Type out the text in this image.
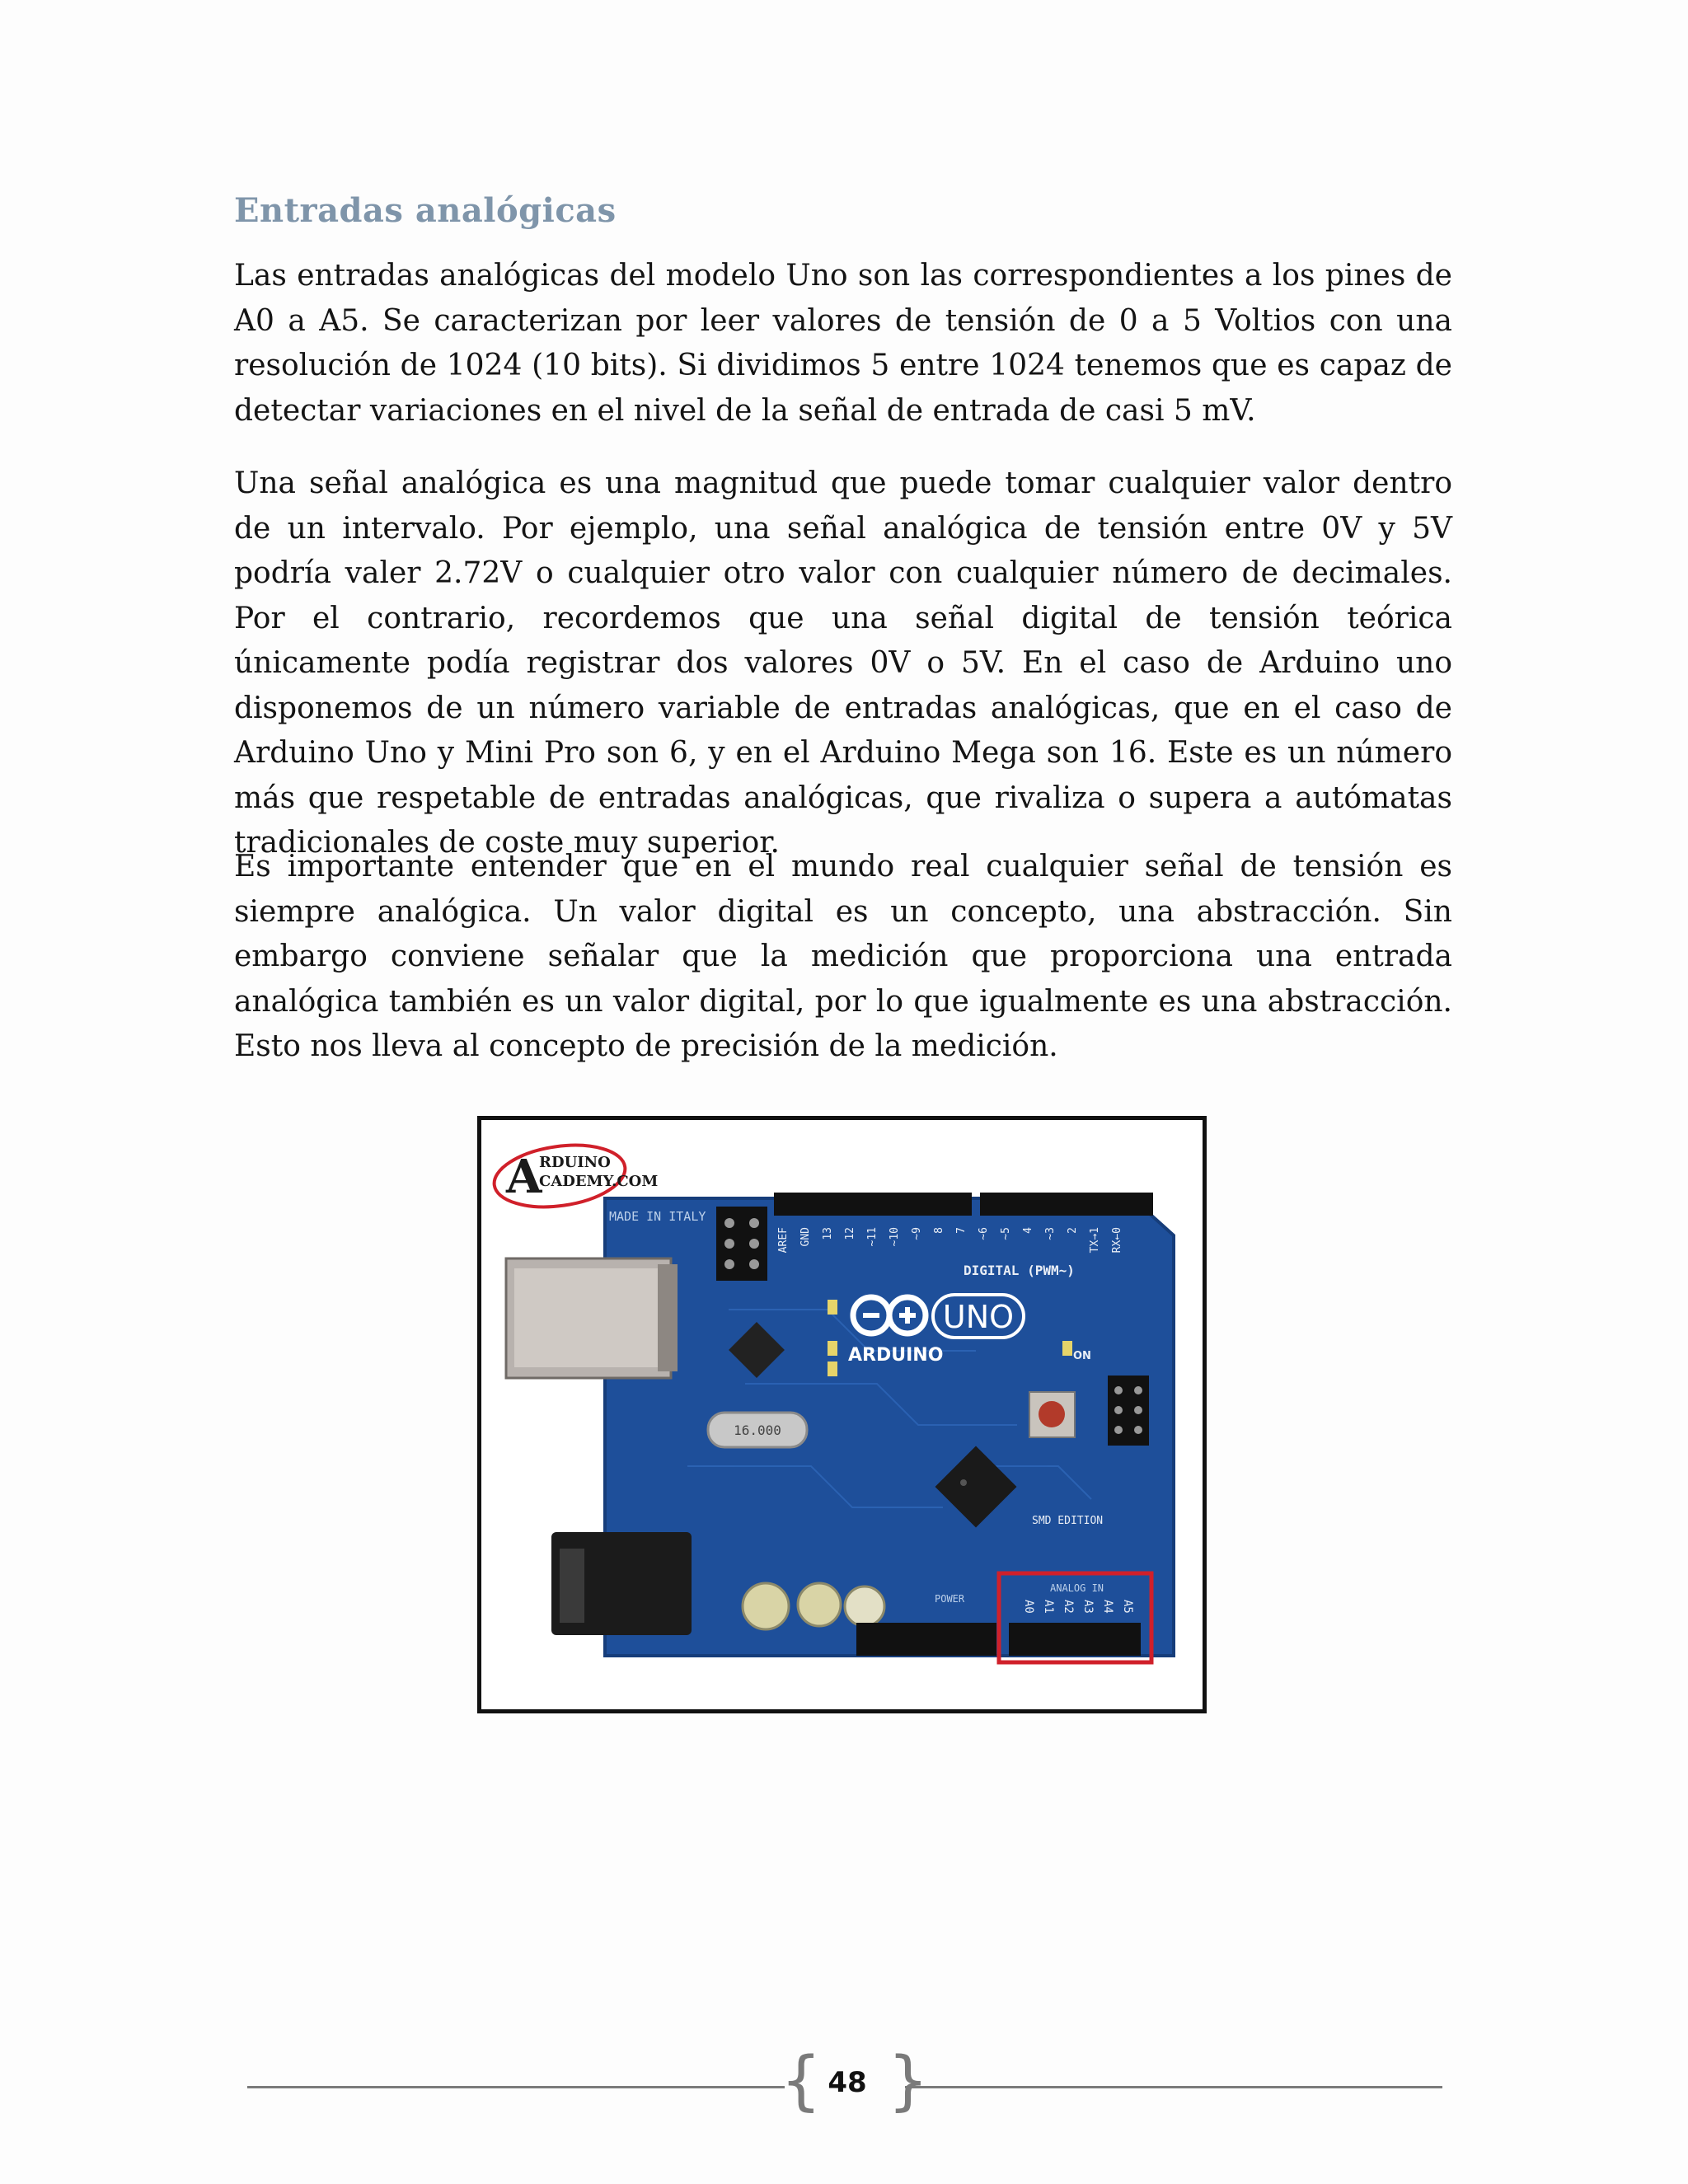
Entradas analógicas

Las entradas analógicas del modelo Uno son las correspondientes a los pines de A0 a A5. Se caracterizan por leer valores de tensión de 0 a 5 Voltios con una resolución de 1024 (10 bits). Si dividimos 5 entre 1024 tenemos que es capaz de detectar variaciones en el nivel de la señal de entrada de casi 5 mV.

Una señal analógica es una magnitud que puede tomar cualquier valor dentro de un intervalo. Por ejemplo, una señal analógica de tensión entre 0V y 5V podría valer 2.72V o cualquier otro valor con cualquier número de decimales. Por el contrario, recordemos que una señal digital de tensión teórica únicamente podía registrar dos valores 0V o 5V. En el caso de Arduino uno disponemos de un número variable de entradas analógicas, que en el caso de Arduino Uno y Mini Pro son 6, y en el Arduino Mega son 16. Este es un número más que respetable de entradas analógicas, que rivaliza o supera a autómatas tradicionales de coste muy superior.

Es importante entender que en el mundo real cualquier señal de tensión es siempre analógica. Un valor digital es un concepto, una abstracción. Sin embargo conviene señalar que la medición que proporciona una entrada analógica también es un valor digital, por lo que igualmente es una abstracción. Esto nos lleva al concepto de precisión de la medición.

16.000
AREF GND 13 12 ~11 ~10 ~9 8 7 ~6 ~5 4 ~3 2 TX→1 RX←0
DIGITAL (PWM~)
UNO
ARDUINO
MADE IN ITALY
ON
SMD EDITION
POWER
ANALOG IN
A0 A1 A2 A3 A4 A5
A
RDUINO
CADEMY.COM
{ }
48
